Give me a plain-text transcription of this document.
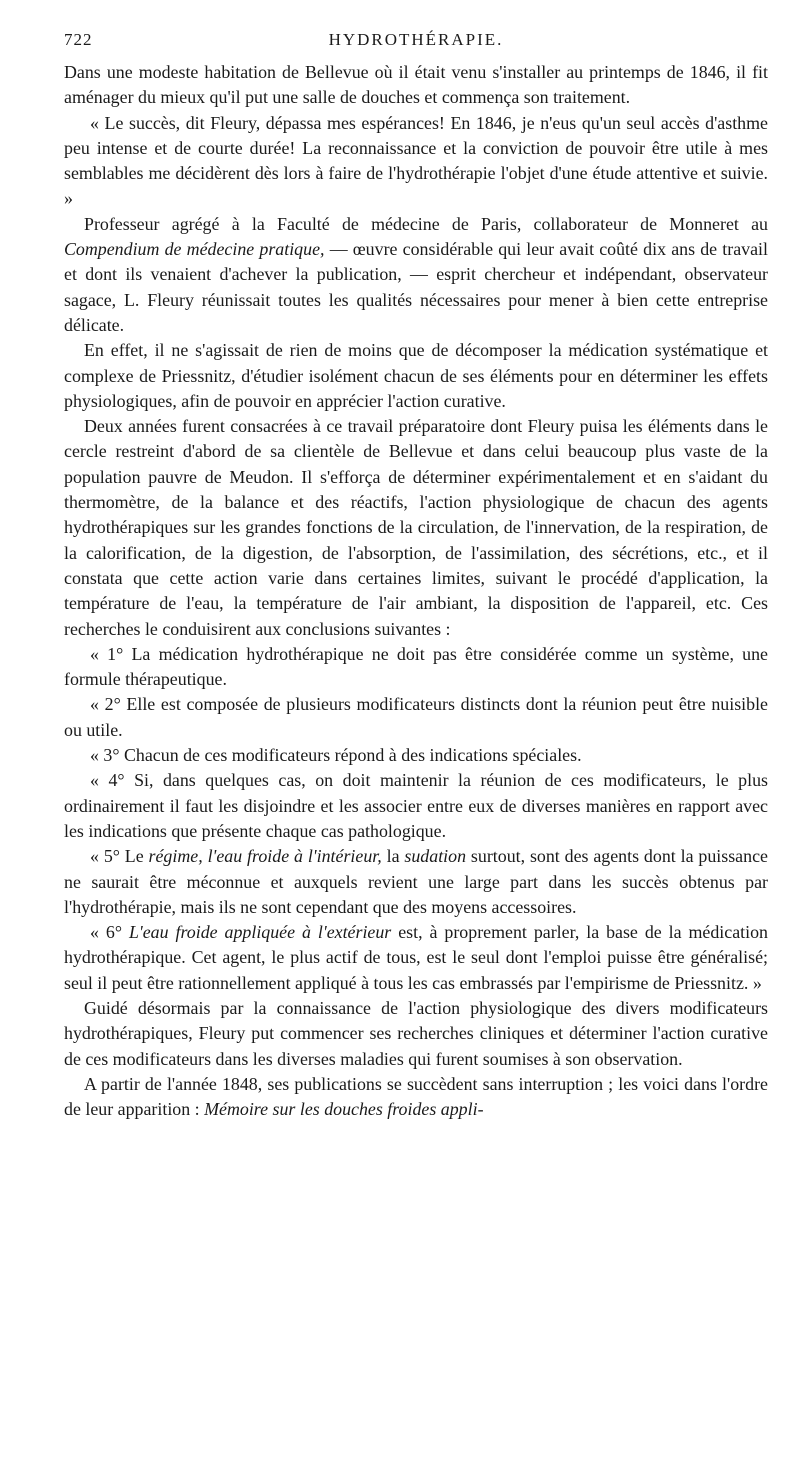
722	HYDROTHÉRAPIE.

Dans une modeste habitation de Bellevue où il était venu s'installer au printemps de 1846, il fit aménager du mieux qu'il put une salle de douches et commença son traitement.

« Le succès, dit Fleury, dépassa mes espérances! En 1846, je n'eus qu'un seul accès d'asthme peu intense et de courte durée! La reconnaissance et la conviction de pouvoir être utile à mes semblables me décidèrent dès lors à faire de l'hydrothérapie l'objet d'une étude attentive et suivie. »

Professeur agrégé à la Faculté de médecine de Paris, collaborateur de Monneret au Compendium de médecine pratique, — œuvre considérable qui leur avait coûté dix ans de travail et dont ils venaient d'achever la publication, — esprit chercheur et indépendant, observateur sagace, L. Fleury réunissait toutes les qualités nécessaires pour mener à bien cette entreprise délicate.

En effet, il ne s'agissait de rien de moins que de décomposer la médication systématique et complexe de Priessnitz, d'étudier isolément chacun de ses éléments pour en déterminer les effets physiologiques, afin de pouvoir en apprécier l'action curative.

Deux années furent consacrées à ce travail préparatoire dont Fleury puisa les éléments dans le cercle restreint d'abord de sa clientèle de Bellevue et dans celui beaucoup plus vaste de la population pauvre de Meudon. Il s'efforça de déterminer expérimentalement et en s'aidant du thermomètre, de la balance et des réactifs, l'action physiologique de chacun des agents hydrothérapiques sur les grandes fonctions de la circulation, de l'innervation, de la respiration, de la calorification, de la digestion, de l'absorption, de l'assimilation, des sécrétions, etc., et il constata que cette action varie dans certaines limites, suivant le procédé d'application, la température de l'eau, la température de l'air ambiant, la disposition de l'appareil, etc. Ces recherches le conduisirent aux conclusions suivantes :

« 1° La médication hydrothérapique ne doit pas être considérée comme un système, une formule thérapeutique.

« 2° Elle est composée de plusieurs modificateurs distincts dont la réunion peut être nuisible ou utile.

« 3° Chacun de ces modificateurs répond à des indications spéciales.

« 4° Si, dans quelques cas, on doit maintenir la réunion de ces modificateurs, le plus ordinairement il faut les disjoindre et les associer entre eux de diverses manières en rapport avec les indications que présente chaque cas pathologique.

« 5° Le régime, l'eau froide à l'intérieur, la sudation surtout, sont des agents dont la puissance ne saurait être méconnue et auxquels revient une large part dans les succès obtenus par l'hydrothérapie, mais ils ne sont cependant que des moyens accessoires.

« 6° L'eau froide appliquée à l'extérieur est, à proprement parler, la base de la médication hydrothérapique. Cet agent, le plus actif de tous, est le seul dont l'emploi puisse être généralisé; seul il peut être rationnellement appliqué à tous les cas embrassés par l'empirisme de Priessnitz. »

Guidé désormais par la connaissance de l'action physiologique des divers modificateurs hydrothérapiques, Fleury put commencer ses recherches cliniques et déterminer l'action curative de ces modificateurs dans les diverses maladies qui furent soumises à son observation.

A partir de l'année 1848, ses publications se succèdent sans interruption ; les voici dans l'ordre de leur apparition : Mémoire sur les douches froides appli-
